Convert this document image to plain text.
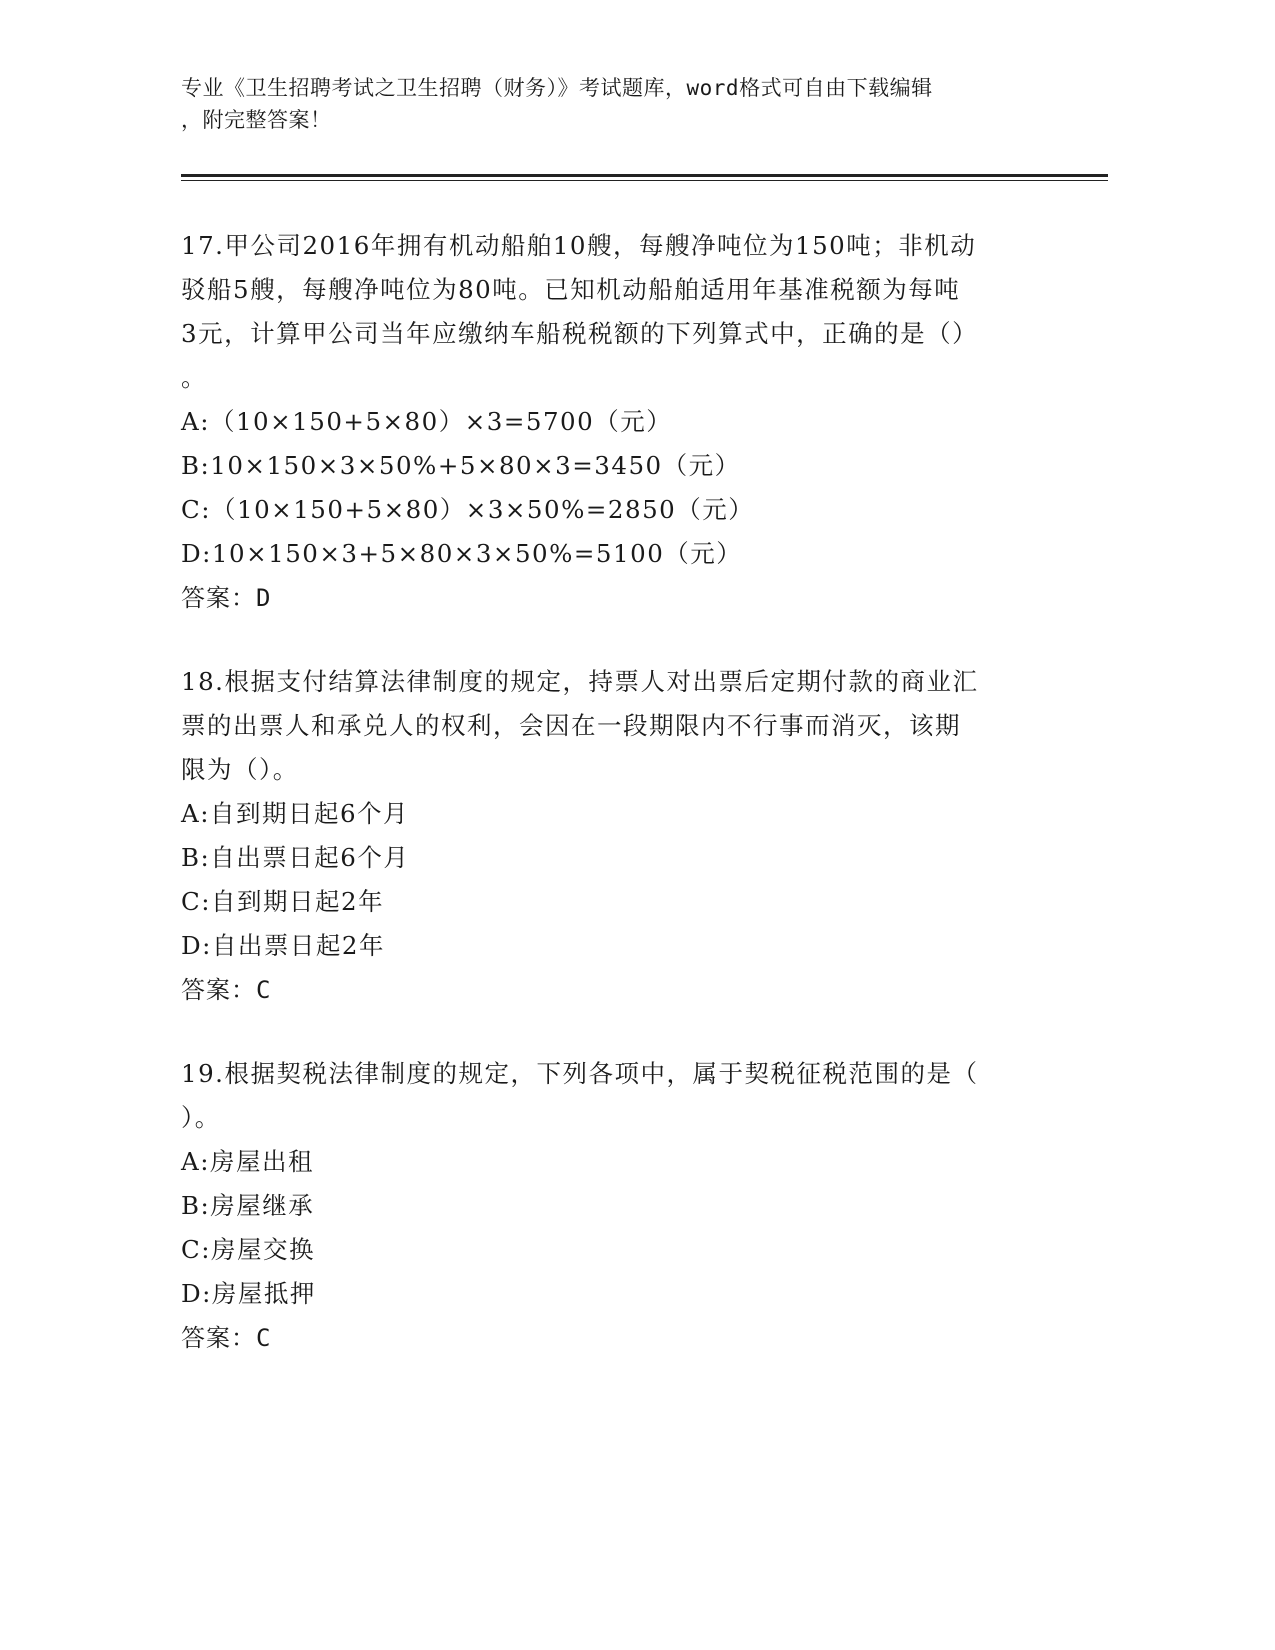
专业《卫生招聘考试之卫生招聘（财务）》考试题库，word格式可自由下载编辑
，附完整答案！
17.甲公司2016年拥有机动船舶10艘，每艘净吨位为150吨；非机动
驳船5艘，每艘净吨位为80吨。已知机动船舶适用年基准税额为每吨
3元，计算甲公司当年应缴纳车船税税额的下列算式中，正确的是（）
。
A:（10×150+5×80）×3=5700（元）
B:10×150×3×50%+5×80×3=3450（元）
C:（10×150+5×80）×3×50%=2850（元）
D:10×150×3+5×80×3×50%=5100（元）
答案：D
18.根据支付结算法律制度的规定，持票人对出票后定期付款的商业汇
票的出票人和承兑人的权利，会因在一段期限内不行事而消灭，该期
限为（）。
A:自到期日起6个月
B:自出票日起6个月
C:自到期日起2年
D:自出票日起2年
答案：C
19.根据契税法律制度的规定，下列各项中，属于契税征税范围的是（
）。
A:房屋出租
B:房屋继承
C:房屋交换
D:房屋抵押
答案：C
